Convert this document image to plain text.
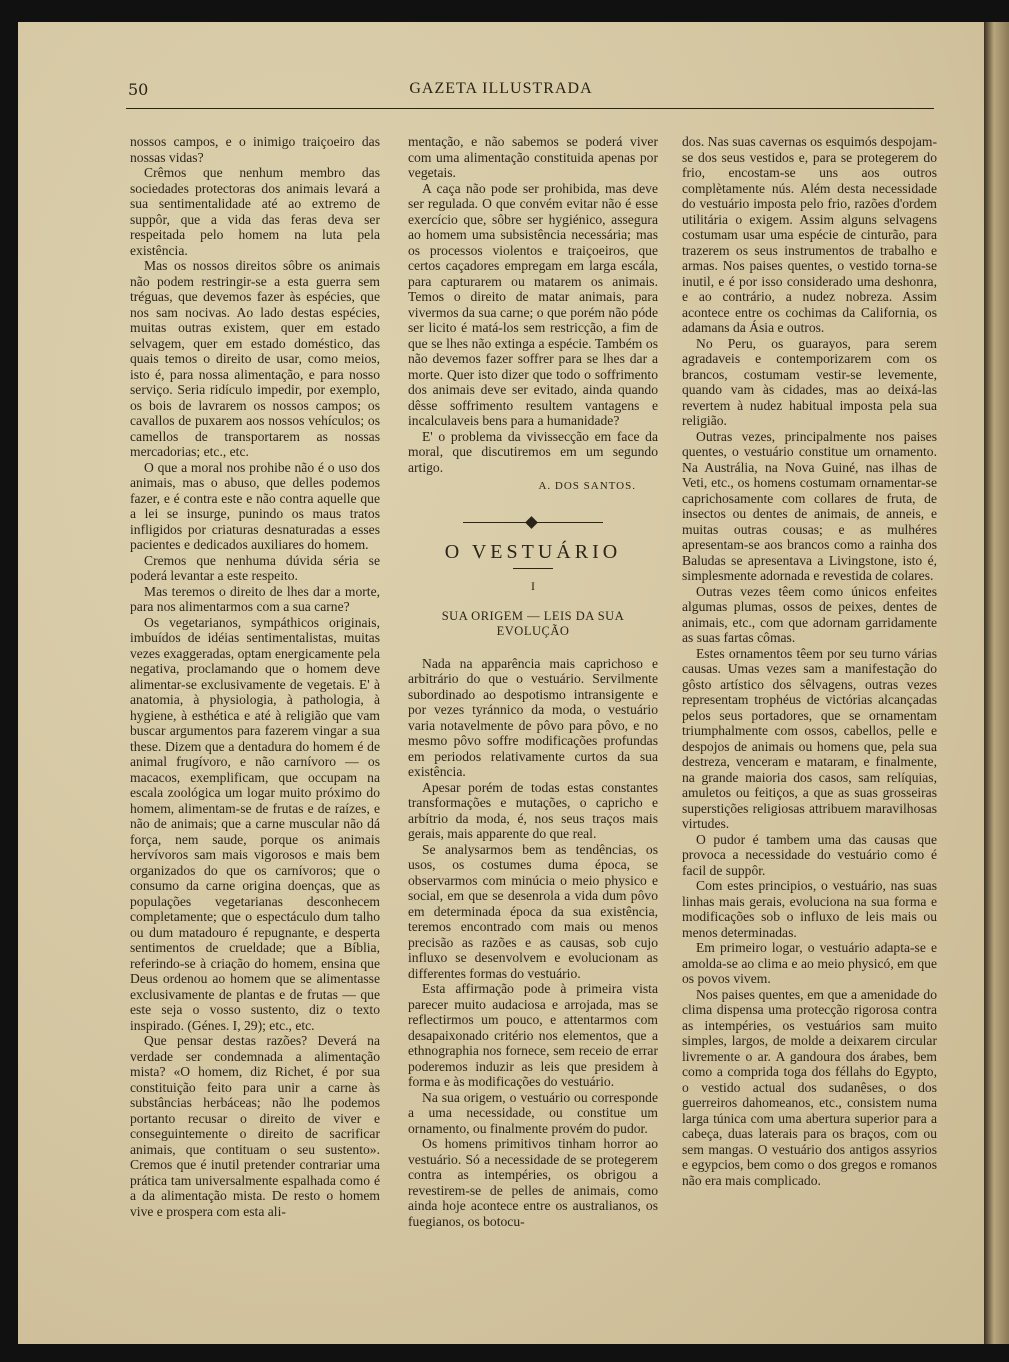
50	GAZETA ILLUSTRADA

nossos campos, e o inimigo traiçoeiro das nossas vidas?

Crêmos que nenhum membro das sociedades protectoras dos animais levará a sua sentimentalidade até ao extremo de suppôr, que a vida das feras deva ser respeitada pelo homem na luta pela existência.

Mas os nossos direitos sôbre os animais não podem restringir-se a esta guerra sem tréguas, que devemos fazer às espécies, que nos sam nocivas. Ao lado destas espécies, muitas outras existem, quer em estado selvagem, quer em estado doméstico, das quais temos o direito de usar, como meios, isto é, para nossa alimentação, e para nosso serviço. Seria ridículo impedir, por exemplo, os bois de lavrarem os nossos campos; os cavallos de puxarem aos nossos vehículos; os camellos de transportarem as nossas mercadorias; etc., etc.

O que a moral nos prohibe não é o uso dos animais, mas o abuso, que delles podemos fazer, e é contra este e não contra aquelle que a lei se insurge, punindo os maus tratos infligidos por criaturas desnaturadas a esses pacientes e dedicados auxiliares do homem.

Cremos que nenhuma dúvida séria se poderá levantar a este respeito.

Mas teremos o direito de lhes dar a morte, para nos alimentarmos com a sua carne?

Os vegetarianos, sympáthicos originais, imbuídos de idéias sentimentalistas, muitas vezes exaggeradas, optam energicamente pela negativa, proclamando que o homem deve alimentar-se exclusivamente de vegetais. E' à anatomia, à physiologia, à pathologia, à hygiene, à esthética e até à religião que vam buscar argumentos para fazerem vingar a sua these. Dizem que a dentadura do homem é de animal frugívoro, e não carnívoro — os macacos, exemplificam, que occupam na escala zoológica um logar muito próximo do homem, alimentam-se de frutas e de raízes, e não de animais; que a carne muscular não dá força, nem saude, porque os animais hervívoros sam mais vigorosos e mais bem organizados do que os carnívoros; que o consumo da carne origina doenças, que as populações vegetarianas desconhecem completamente; que o espectáculo dum talho ou dum matadouro é repugnante, e desperta sentimentos de crueldade; que a Bíblia, referindo-se à criação do homem, ensina que Deus ordenou ao homem que se alimentasse exclusivamente de plantas e de frutas — que este seja o vosso sustento, diz o texto inspirado. (Génes. I, 29); etc., etc.

Que pensar destas razões? Deverá na verdade ser condemnada a alimentação mista? «O homem, diz Richet, é por sua constituição feito para unir a carne às substâncias herbáceas; não lhe podemos portanto recusar o direito de viver e conseguintemente o direito de sacrificar animais, que contituam o seu sustento». Cremos que é inutil pretender contrariar uma prática tam universalmente espalhada como é a da alimentação mista. De resto o homem vive e prospera com esta ali-

mentação, e não sabemos se poderá viver com uma alimentação constituida apenas por vegetais.

A caça não pode ser prohibida, mas deve ser regulada. O que convém evitar não é esse exercício que, sôbre ser hygiénico, assegura ao homem uma subsistência necessária; mas os processos violentos e traiçoeiros, que certos caçadores empregam em larga escála, para capturarem ou matarem os animais. Temos o direito de matar animais, para vivermos da sua carne; o que porém não póde ser licito é matá-los sem restricção, a fim de que se lhes não extinga a espécie. Também os não devemos fazer soffrer para se lhes dar a morte. Quer isto dizer que todo o soffrimento dos animais deve ser evitado, ainda quando dêsse soffrimento resultem vantagens e incalculaveis bens para a humanidade?

E' o problema da vivissecção em face da moral, que discutiremos em um segundo artigo.

A. DOS SANTOS.
O VESTUÁRIO
I
SUA ORIGEM — LEIS DA SUA EVOLUÇÃO

Nada na apparência mais caprichoso e arbitrário do que o vestuário. Servilmente subordinado ao despotismo intransigente e por vezes tyránnico da moda, o vestuário varia notavelmente de pôvo para pôvo, e no mesmo pôvo soffre modificações profundas em periodos relativamente curtos da sua existência.

Apesar porém de todas estas constantes transformações e mutações, o capricho e arbítrio da moda, é, nos seus traços mais gerais, mais apparente do que real.

Se analysarmos bem as tendências, os usos, os costumes duma época, se observarmos com minúcia o meio physico e social, em que se desenrola a vida dum pôvo em determinada época da sua existência, teremos encontrado com mais ou menos precisão as razões e as causas, sob cujo influxo se desenvolvem e evolucionam as differentes formas do vestuário.

Esta affirmação pode à primeira vista parecer muito audaciosa e arrojada, mas se reflectirmos um pouco, e attentarmos com desapaixonado critério nos elementos, que a ethnographia nos fornece, sem receio de errar poderemos induzir as leis que presidem à forma e às modificações do vestuário.

Na sua origem, o vestuário ou corresponde a uma necessidade, ou constitue um ornamento, ou finalmente provém do pudor.

Os homens primitivos tinham horror ao vestuário. Só a necessidade de se protegerem contra as intempéries, os obrigou a revestirem-se de pelles de animais, como ainda hoje acontece entre os australianos, os fuegianos, os botocu-

dos. Nas suas cavernas os esquimós despojam-se dos seus vestidos e, para se protegerem do frio, encostam-se uns aos outros complètamente nús. Além desta necessidade do vestuário imposta pelo frio, razões d'ordem utilitária o exigem. Assim alguns selvagens costumam usar uma espécie de cinturão, para trazerem os seus instrumentos de trabalho e armas. Nos paises quentes, o vestido torna-se inutil, e é por isso considerado uma deshonra, e ao contrário, a nudez nobreza. Assim acontece entre os cochimas da California, os adamans da Ásia e outros.

No Peru, os guarayos, para serem agradaveis e contemporizarem com os brancos, costumam vestir-se levemente, quando vam às cidades, mas ao deixá-las revertem à nudez habitual imposta pela sua religião.

Outras vezes, principalmente nos paises quentes, o vestuário constitue um ornamento. Na Austrália, na Nova Guiné, nas ilhas de Veti, etc., os homens costumam ornamentar-se caprichosamente com collares de fruta, de insectos ou dentes de animais, de anneis, e muitas outras cousas; e as mulhéres apresentam-se aos brancos como a rainha dos Baludas se apresentava a Livingstone, isto é, simplesmente adornada e revestida de colares.

Outras vezes têem como únicos enfeites algumas plumas, ossos de peixes, dentes de animais, etc., com que adornam garridamente as suas fartas cômas.

Estes ornamentos têem por seu turno várias causas. Umas vezes sam a manifestação do gôsto artístico dos sêlvagens, outras vezes representam trophéus de victórias alcançadas pelos seus portadores, que se ornamentam triumphalmente com ossos, cabellos, pelle e despojos de animais ou homens que, pela sua destreza, venceram e mataram, e finalmente, na grande maioria dos casos, sam relíquias, amuletos ou feitiços, a que as suas grosseiras superstições religiosas attribuem maravilhosas virtudes.

O pudor é tambem uma das causas que provoca a necessidade do vestuário como é facil de suppôr.

Com estes principios, o vestuário, nas suas linhas mais gerais, evoluciona na sua forma e modificações sob o influxo de leis mais ou menos determinadas.

Em primeiro logar, o vestuário adapta-se e amolda-se ao clima e ao meio physicó, em que os povos vivem.

Nos paises quentes, em que a amenidade do clima dispensa uma protecção rigorosa contra as intempéries, os vestuários sam muito simples, largos, de molde a deixarem circular livremente o ar. A gandoura dos árabes, bem como a comprida toga dos féllahs do Egypto, o vestido actual dos sudanêses, o dos guerreiros dahomeanos, etc., consistem numa larga túnica com uma abertura superior para a cabeça, duas laterais para os braços, com ou sem mangas. O vestuário dos antigos assyrios e egypcios, bem como o dos gregos e romanos não era mais complicado.
